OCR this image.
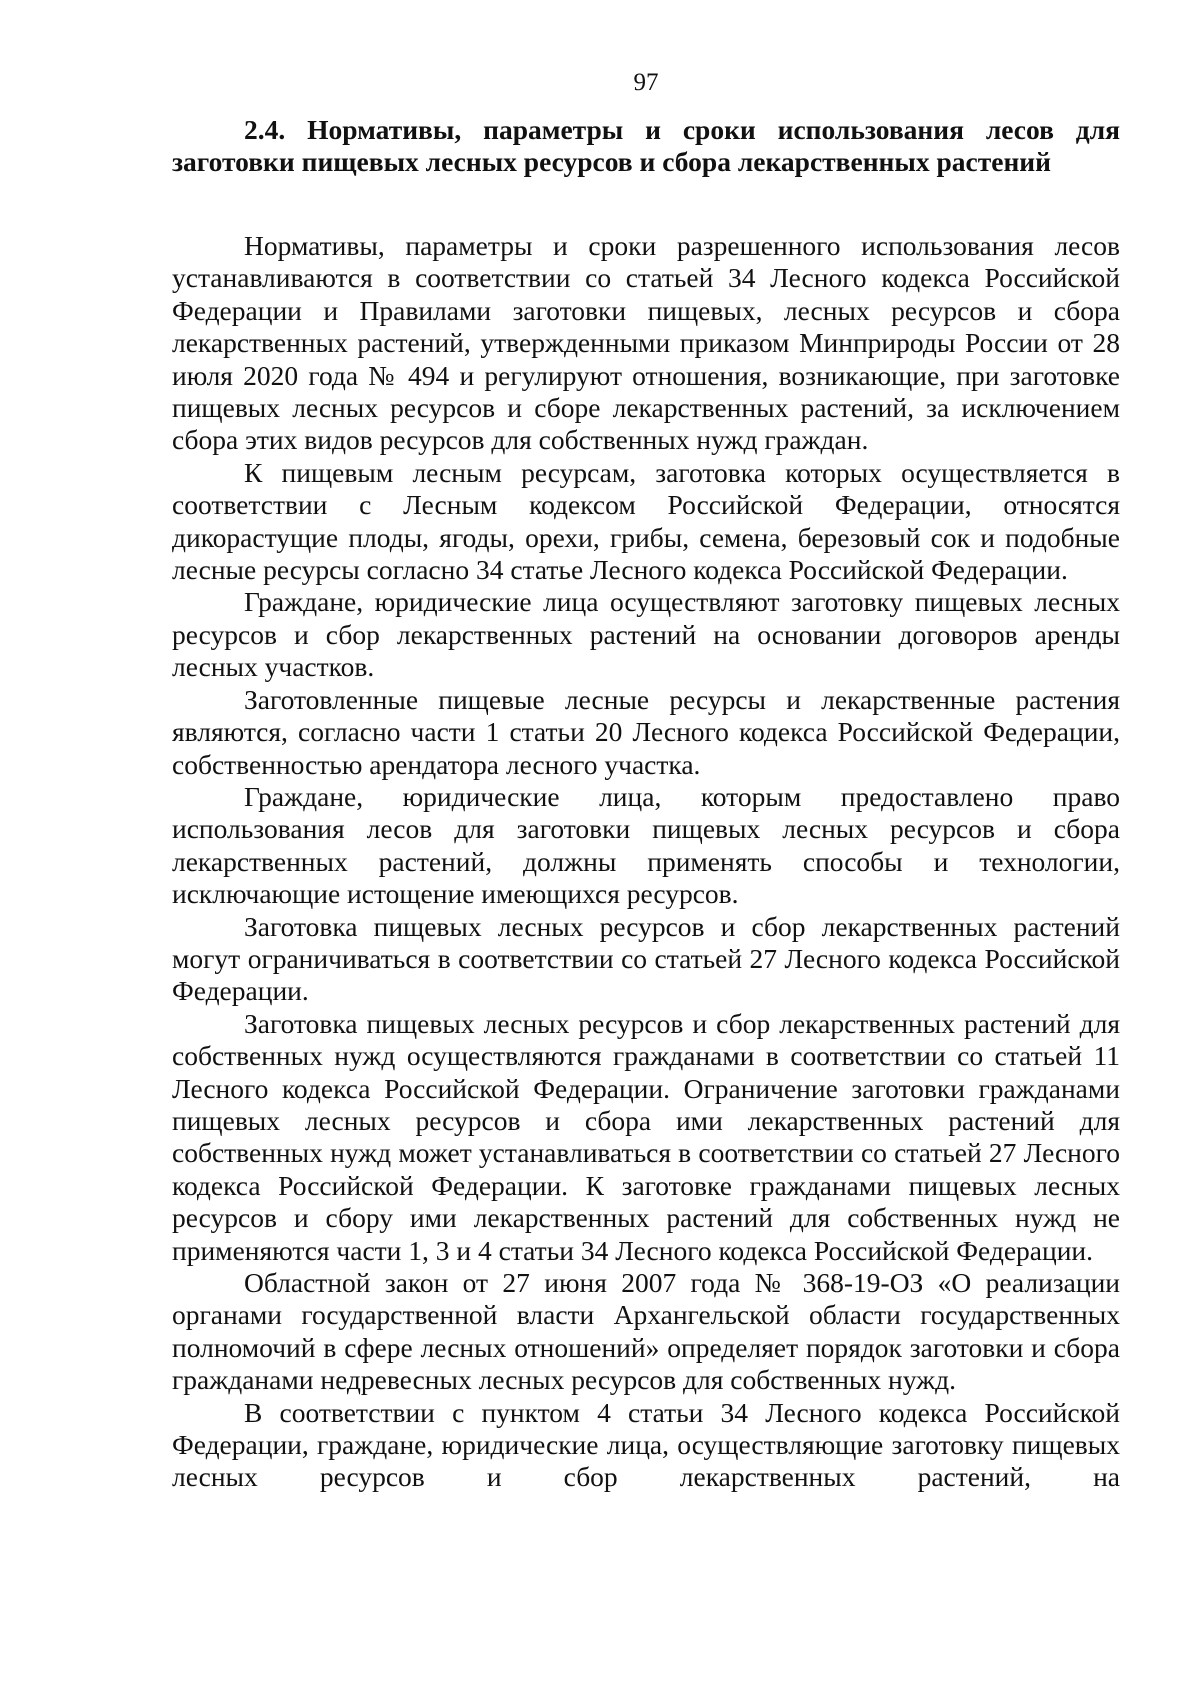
97
2.4. Нормативы, параметры и сроки использования лесов для заготовки пищевых лесных ресурсов и сбора лекарственных растений

Нормативы, параметры и сроки разрешенного использования лесов устанавливаются в соответствии со статьей 34 Лесного кодекса Российской Федерации и Правилами заготовки пищевых, лесных ресурсов и сбора лекарственных растений, утвержденными приказом Минприроды России от 28 июля 2020 года № 494 и регулируют отношения, возникающие, при заготовке пищевых лесных ресурсов и сборе лекарственных растений, за исключением сбора этих видов ресурсов для собственных нужд граждан.

К пищевым лесным ресурсам, заготовка которых осуществляется в соответствии с Лесным кодексом Российской Федерации, относятся дикорастущие плоды, ягоды, орехи, грибы, семена, березовый сок и подобные лесные ресурсы согласно 34 статье Лесного кодекса Российской Федерации.

Граждане, юридические лица осуществляют заготовку пищевых лесных ресурсов и сбор лекарственных растений на основании договоров аренды лесных участков.

Заготовленные пищевые лесные ресурсы и лекарственные растения являются, согласно части 1 статьи 20 Лесного кодекса Российской Федерации, собственностью арендатора лесного участка.

Граждане, юридические лица, которым предоставлено право использования лесов для заготовки пищевых лесных ресурсов и сбора лекарственных растений, должны применять способы и технологии, исключающие истощение имеющихся ресурсов.

Заготовка пищевых лесных ресурсов и сбор лекарственных растений могут ограничиваться в соответствии со статьей 27 Лесного кодекса Российской Федерации.

Заготовка пищевых лесных ресурсов и сбор лекарственных растений для собственных нужд осуществляются гражданами в соответствии со статьей 11 Лесного кодекса Российской Федерации. Ограничение заготовки гражданами пищевых лесных ресурсов и сбора ими лекарственных растений для собственных нужд может устанавливаться в соответствии со статьей 27 Лесного кодекса Российской Федерации. К заготовке гражданами пищевых лесных ресурсов и сбору ими лекарственных растений для собственных нужд не применяются части 1, 3 и 4 статьи 34 Лесного кодекса Российской Федерации.

Областной закон от 27 июня 2007 года № 368-19-ОЗ «О реализации органами государственной власти Архангельской области государственных полномочий в сфере лесных отношений» определяет порядок заготовки и сбора гражданами недревесных лесных ресурсов для собственных нужд.

В соответствии с пунктом 4 статьи 34 Лесного кодекса Российской Федерации, граждане, юридические лица, осуществляющие заготовку пищевых лесных ресурсов и сбор лекарственных растений, на
